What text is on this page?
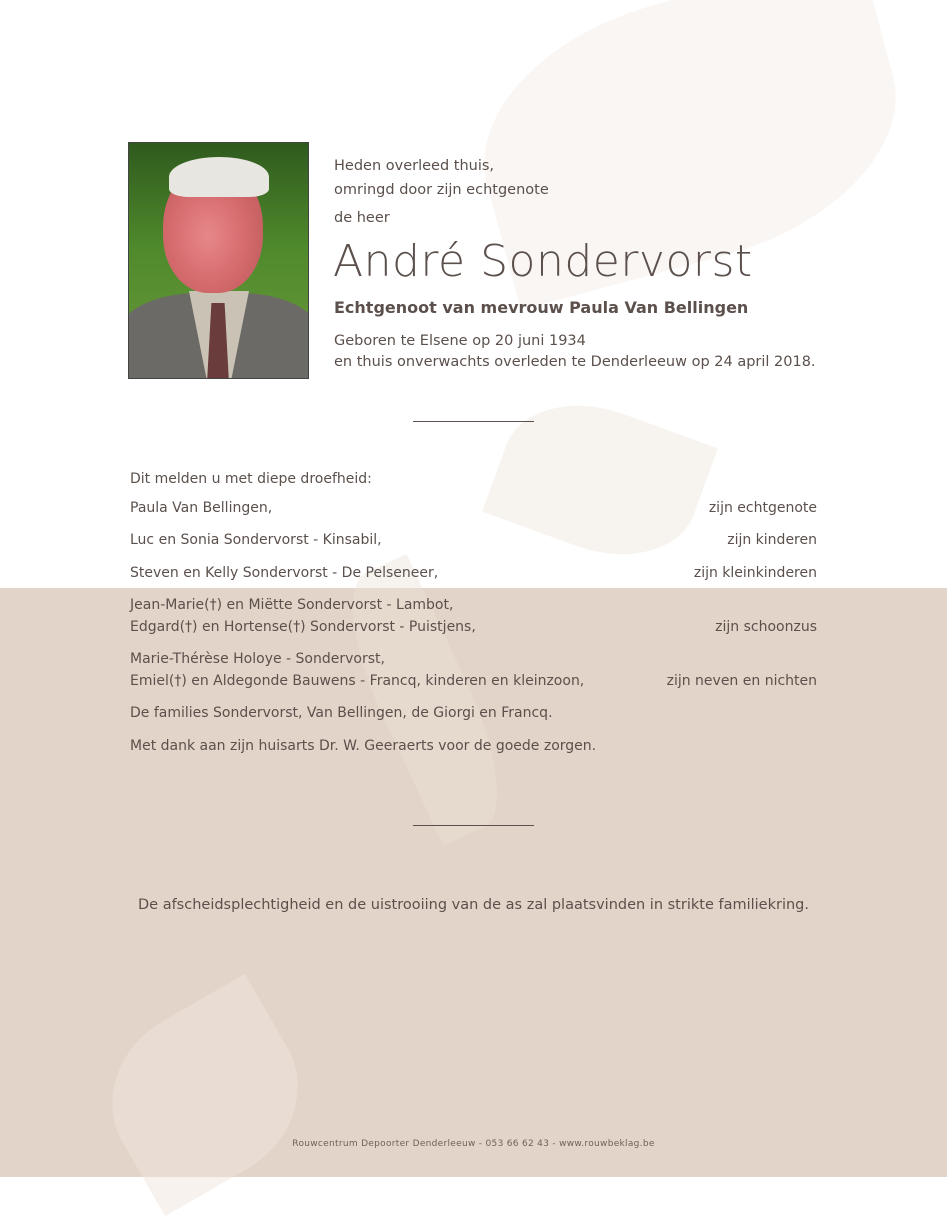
Heden overleed thuis,
omringd door zijn echtgenote
de heer
André Sondervorst
Echtgenoot van mevrouw Paula Van Bellingen
Geboren te Elsene op 20 juni 1934
en thuis onverwachts overleden te Denderleeuw op 24 april 2018.
Dit melden u met diepe droefheid:
Paula Van Bellingen,	zijn echtgenote
Luc en Sonia Sondervorst - Kinsabil,	zijn kinderen
Steven en Kelly Sondervorst - De Pelseneer,	zijn kleinkinderen
Jean-Marie(†) en Miëtte Sondervorst - Lambot,
Edgard(†) en Hortense(†) Sondervorst - Puistjens,	zijn schoonzus
Marie-Thérèse Holoye - Sondervorst,
Emiel(†) en Aldegonde Bauwens - Francq, kinderen en kleinzoon,	zijn neven en nichten
De families Sondervorst, Van Bellingen, de Giorgi en Francq.
Met dank aan zijn huisarts Dr. W. Geeraerts voor de goede zorgen.
De afscheidsplechtigheid en de uistrooiing van de as zal plaatsvinden in strikte familiekring.
Rouwcentrum Depoorter Denderleeuw - 053 66 62 43 - www.rouwbeklag.be
